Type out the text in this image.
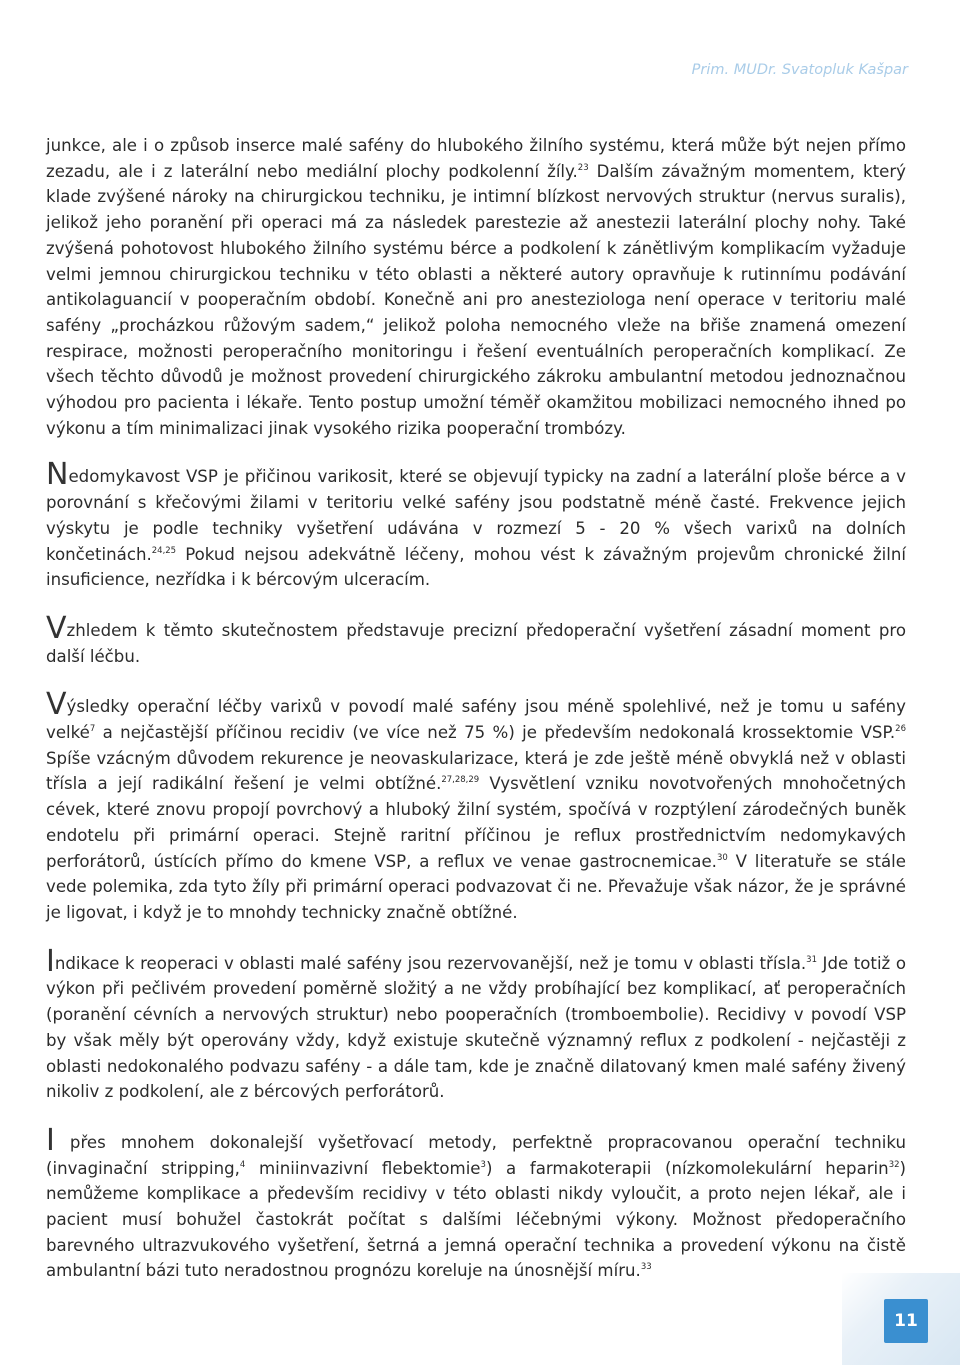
Prim. MUDr. Svatopluk Kašpar

junkce, ale i o způsob inserce malé safény do hlubokého žilního systému, která může být nejen přímo zezadu, ale i z laterální nebo mediální plochy podkolenní žíly.$^{23}$ Dalším závažným momentem, který klade zvýšené nároky na chirurgickou techniku, je intimní blízkost nervových struktur (nervus suralis), jelikož jeho poranění při operaci má za následek parestezie až anestezii laterální plochy nohy. Také zvýšená pohotovost hlubokého žilního systému bérce a podkolení k zánětlivým komplikacím vyžaduje velmi jemnou chirurgickou techniku v této oblasti a některé autory opravňuje k rutinnímu podávání antikolaguancií v pooperačním období. Konečně ani pro anesteziologa není operace v teritoriu malé safény „procházkou růžovým sadem,“ jelikož poloha nemocného vleže na břiše znamená omezení respirace, možnosti peroperačního monitoringu i řešení eventuálních peroperačních komplikací. Ze všech těchto důvodů je možnost provedení chirurgického zákroku ambulantní metodou jednoznačnou výhodou pro pacienta i lékaře. Tento postup umožní téměř okamžitou mobilizaci nemocného ihned po výkonu a tím minimalizaci jinak vysokého rizika pooperační trombózy.

Nedomykavost VSP je přičinou varikosit, které se objevují typicky na zadní a laterální ploše bérce a v porovnání s křečovými žilami v teritoriu velké safény jsou podstatně méně časté. Frekvence jejich výskytu je podle techniky vyšetření udávána v rozmezí 5 - 20 % všech varixů na dolních končetinách.$^{24,25}$ Pokud nejsou adekvátně léčeny, mohou vést k závažným projevům chronické žilní insuficience, nezřídka i k bércovým ulceracím.

Vzhledem k těmto skutečnostem představuje precizní předoperační vyšetření zásadní moment pro další léčbu.

Výsledky operační léčby varixů v povodí malé safény jsou méně spolehlivé, než je tomu u safény velké$^7$ a nejčastější příčinou recidiv (ve více než 75 %) je především nedokonalá krossektomie VSP.$^{26}$ Spíše vzácným důvodem rekurence je neovaskularizace, která je zde ještě méně obvyklá než v oblasti třísla a její radikální řešení je velmi obtížné.$^{27,28,29}$ Vysvětlení vzniku novotvořených mnohočetných cévek, které znovu propojí povrchový a hluboký žilní systém, spočívá v rozptýlení zárodečných buněk endotelu při primární operaci. Stejně raritní příčinou je reflux prostřednictvím nedomykavých perforátorů, ústících přímo do kmene VSP, a reflux ve venae gastrocnemicae.$^{30}$ V literatuře se stále vede polemika, zda tyto žíly při primární operaci podvazovat či ne. Převažuje však názor, že je správné je ligovat, i když je to mnohdy technicky značně obtížné.

Indikace k reoperaci v oblasti malé safény jsou rezervovanější, než je tomu v oblasti třísla.$^{31}$ Jde totiž o výkon při pečlivém provedení poměrně složitý a ne vždy probíhající bez komplikací, ať peroperačních (poranění cévních a nervových struktur) nebo pooperačních (tromboembolie). Recidivy v povodí VSP by však měly být operovány vždy, když existuje skutečně významný reflux z podkolení - nejčastěji z oblasti nedokonalého podvazu safény - a dále tam, kde je značně dilatovaný kmen malé safény živený nikoliv z podkolení, ale z bércových perforátorů.

I přes mnohem dokonalejší vyšetřovací metody, perfektně propracovanou operační techniku (invaginační stripping,$^4$ miniinvazivní flebektomie$^3$) a farmakoterapii (nízkomolekulární heparin$^{32}$) nemůžeme komplikace a především recidivy v této oblasti nikdy vyloučit, a proto nejen lékař, ale i pacient musí bohužel častokrát počítat s dalšími léčebnými výkony. Možnost předoperačního barevného ultrazvukového vyšetření, šetrná a jemná operační technika a provedení výkonu na čistě ambulantní bázi tuto neradostnou prognózu koreluje na únosnější míru.$^{33}$

11
